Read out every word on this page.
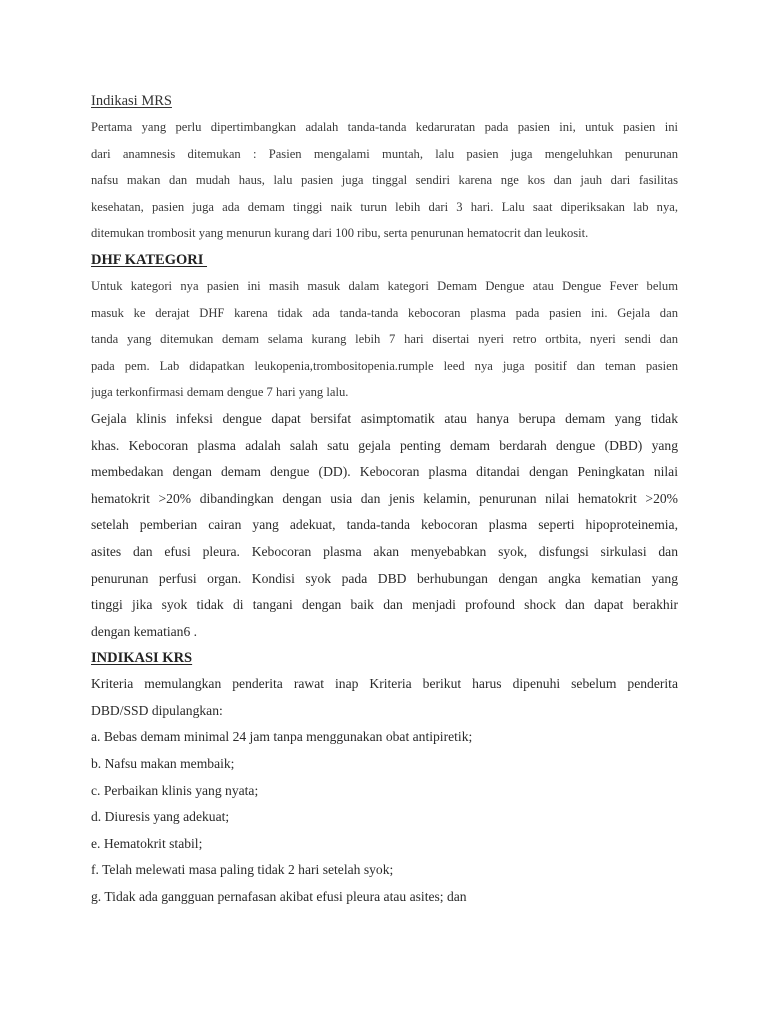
Indikasi MRS
Pertama yang perlu dipertimbangkan adalah tanda-tanda kedaruratan pada pasien ini, untuk pasien ini
dari anamnesis ditemukan : Pasien mengalami muntah, lalu pasien juga mengeluhkan penurunan
nafsu makan dan mudah haus, lalu pasien juga tinggal sendiri karena nge kos dan jauh dari fasilitas
kesehatan, pasien juga ada demam tinggi naik turun lebih dari 3 hari. Lalu saat diperiksakan lab nya,
ditemukan trombosit yang menurun kurang dari 100 ribu, serta penurunan hematocrit dan leukosit.
DHF KATEGORI
Untuk kategori nya pasien ini masih masuk dalam kategori Demam Dengue atau Dengue Fever belum
masuk ke derajat DHF karena tidak ada tanda-tanda kebocoran plasma pada pasien ini. Gejala dan
tanda yang ditemukan demam selama kurang lebih 7 hari disertai nyeri retro ortbita, nyeri sendi dan
pada pem. Lab didapatkan leukopenia,trombositopenia.rumple leed nya juga positif dan teman pasien
juga terkonfirmasi demam dengue 7 hari yang lalu.
Gejala klinis infeksi dengue dapat bersifat asimptomatik atau hanya berupa demam yang tidak
khas. Kebocoran plasma adalah salah satu gejala penting demam berdarah dengue (DBD) yang
membedakan dengan demam dengue (DD). Kebocoran plasma ditandai dengan Peningkatan nilai
hematokrit >20% dibandingkan dengan usia dan jenis kelamin, penurunan nilai hematokrit >20%
setelah pemberian cairan yang adekuat, tanda-tanda kebocoran plasma seperti hipoproteinemia,
asites dan efusi pleura. Kebocoran plasma akan menyebabkan syok, disfungsi sirkulasi dan
penurunan perfusi organ. Kondisi syok pada DBD berhubungan dengan angka kematian yang
tinggi jika syok tidak di tangani dengan baik dan menjadi profound shock dan dapat berakhir
dengan kematian6 .
INDIKASI KRS
Kriteria memulangkan penderita rawat inap Kriteria berikut harus dipenuhi sebelum penderita
DBD/SSD dipulangkan:
a. Bebas demam minimal 24 jam tanpa menggunakan obat antipiretik;
b. Nafsu makan membaik;
c. Perbaikan klinis yang nyata;
d. Diuresis yang adekuat;
e. Hematokrit stabil;
f. Telah melewati masa paling tidak 2 hari setelah syok;
g. Tidak ada gangguan pernafasan akibat efusi pleura atau asites; dan
